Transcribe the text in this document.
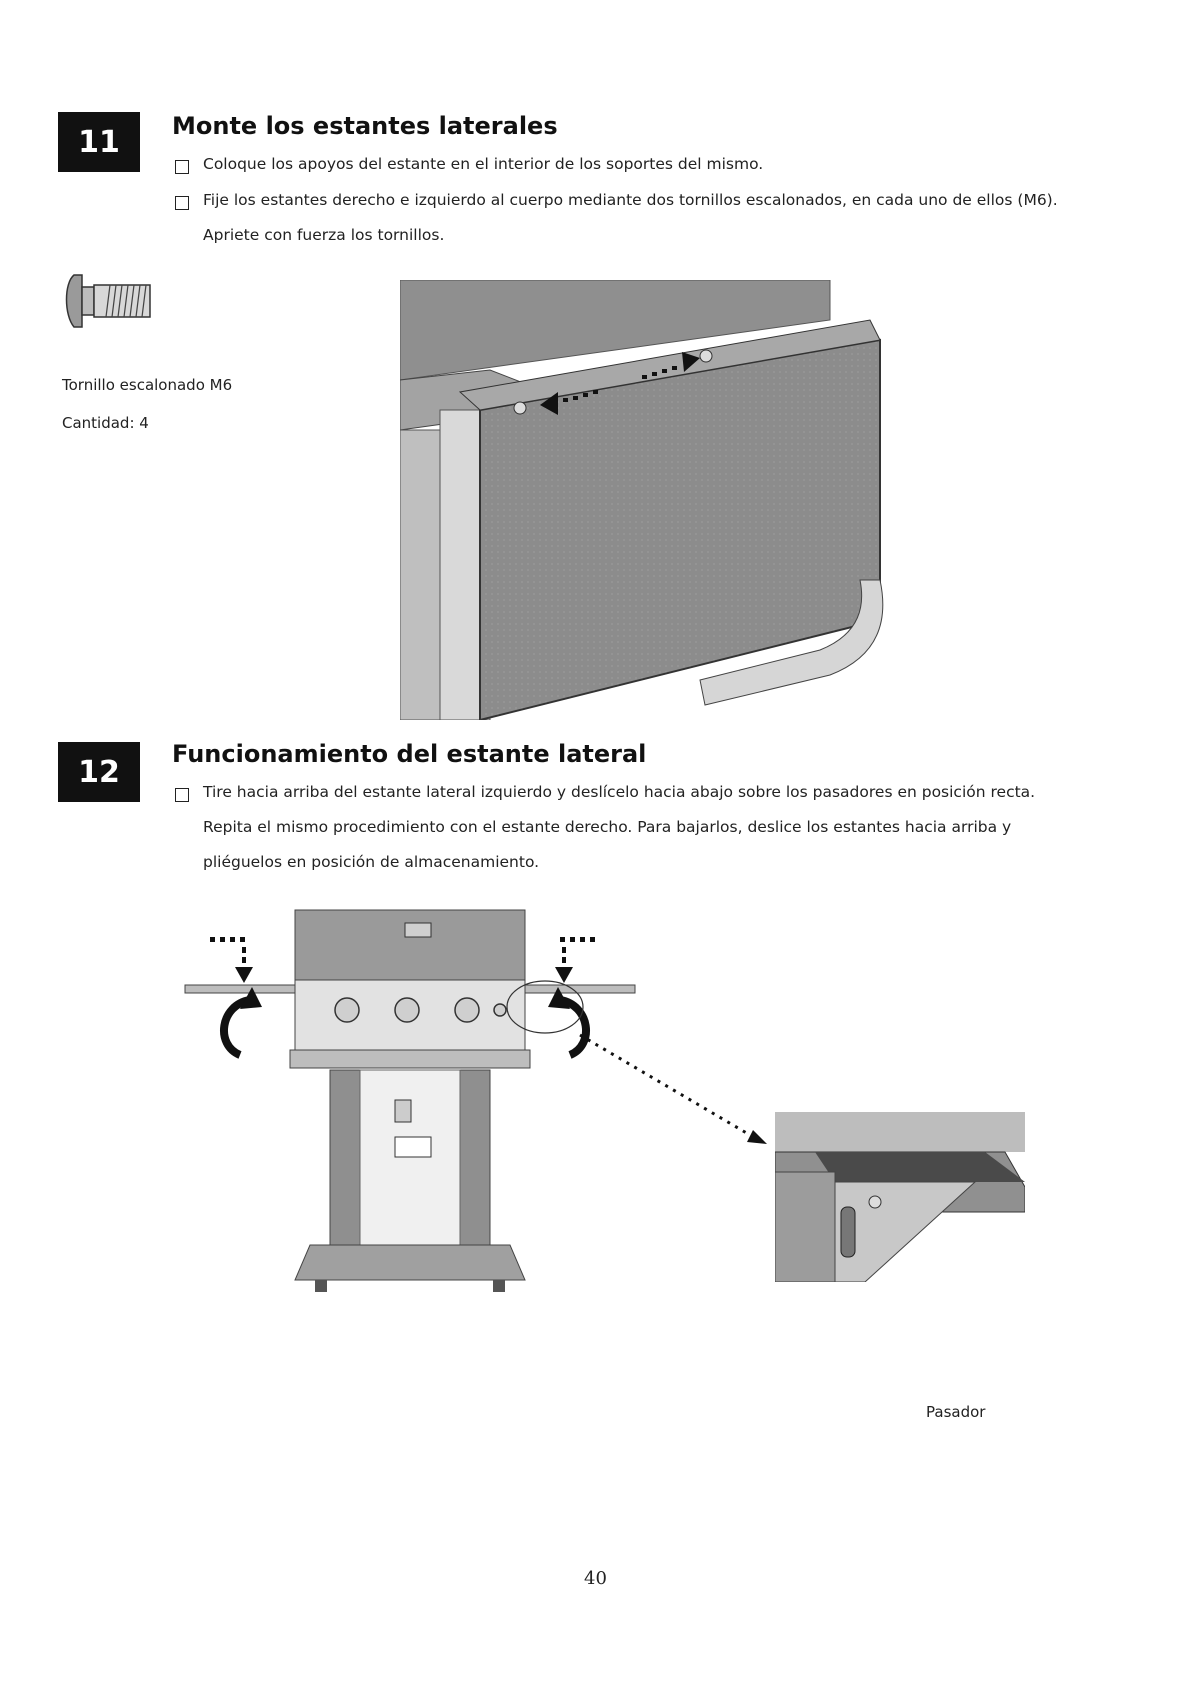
11	Monte los estantes laterales
Coloque los apoyos del estante en el interior de los soportes del mismo.
Fije los estantes derecho e izquierdo al cuerpo mediante dos tornillos escalonados, en cada uno de ellos (M6).
Apriete con fuerza los tornillos.
Tornillo escalonado M6
Cantidad: 4
12
Funcionamiento del estante lateral
Tire hacia arriba del estante lateral izquierdo y deslícelo hacia abajo sobre los pasadores en posición recta.
Repita el mismo procedimiento con el estante derecho. Para bajarlos, deslice los estantes hacia arriba y
pliéguelos en posición de almacenamiento.
Pasador
40
